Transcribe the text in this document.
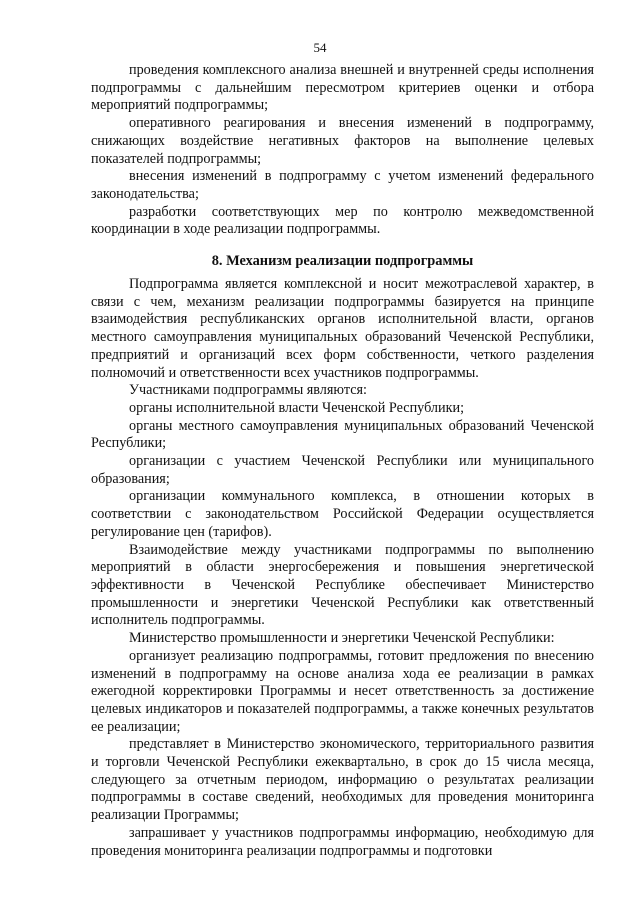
54

проведения комплексного анализа внешней и внутренней среды исполнения подпрограммы с дальнейшим пересмотром критериев оценки и отбора мероприятий подпрограммы;

оперативного реагирования и внесения изменений в подпрограмму, снижающих воздействие негативных факторов на выполнение целевых показателей подпрограммы;

внесения изменений в подпрограмму с учетом изменений федерального законодательства;

разработки соответствующих мер по контролю межведомственной координации в ходе реализации подпрограммы.

8. Механизм реализации подпрограммы

Подпрограмма является комплексной и носит межотраслевой характер, в связи с чем, механизм реализации подпрограммы базируется на принципе взаимодействия республиканских органов исполнительной власти, органов местного самоуправления муниципальных образований Чеченской Республики, предприятий и организаций всех форм собственности, четкого разделения полномочий и ответственности всех участников подпрограммы.

Участниками подпрограммы являются:

органы исполнительной власти Чеченской Республики;

органы местного самоуправления муниципальных образований Чеченской Республики;

организации с участием Чеченской Республики или муниципального образования;

организации коммунального комплекса, в отношении которых в соответствии с законодательством Российской Федерации осуществляется регулирование цен (тарифов).

Взаимодействие между участниками подпрограммы по выполнению мероприятий в области энергосбережения и повышения энергетической эффективности в Чеченской Республике обеспечивает Министерство промышленности и энергетики Чеченской Республики как ответственный исполнитель подпрограммы.

Министерство промышленности и энергетики Чеченской Республики:

организует реализацию подпрограммы, готовит предложения по внесению изменений в подпрограмму на основе анализа хода ее реализации в рамках ежегодной корректировки Программы и несет ответственность за достижение целевых индикаторов и показателей подпрограммы, а также конечных результатов ее реализации;

представляет в Министерство экономического, территориального развития и торговли Чеченской Республики ежеквартально, в срок до 15 числа месяца, следующего за отчетным периодом, информацию о результатах реализации подпрограммы в составе сведений, необходимых для проведения мониторинга реализации Программы;

запрашивает у участников подпрограммы информацию, необходимую для проведения мониторинга реализации подпрограммы и подготовки
